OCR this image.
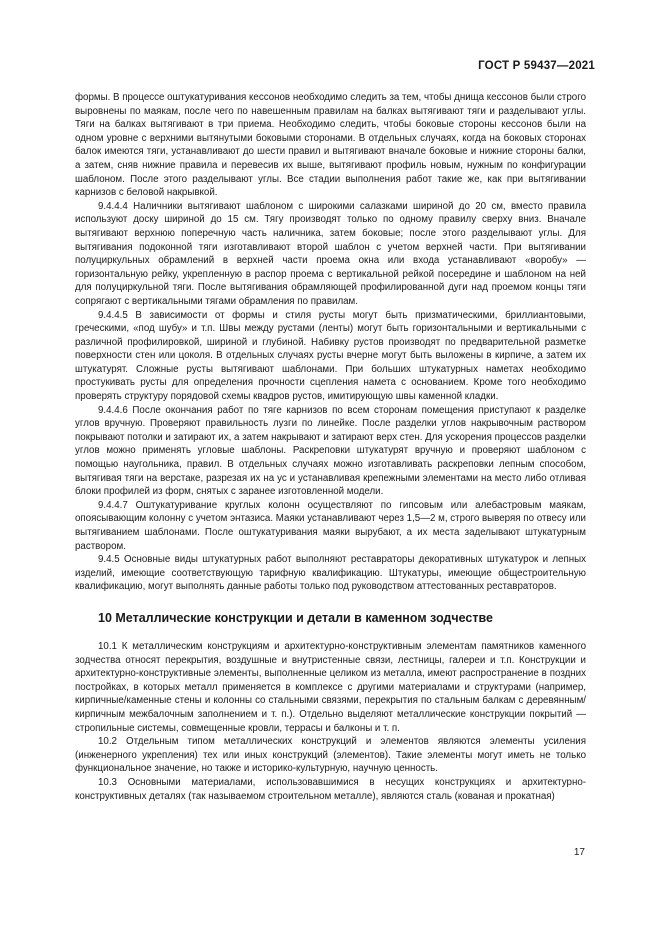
ГОСТ Р 59437—2021

формы. В процессе оштукатуривания кессонов необходимо следить за тем, чтобы днища кессонов были строго выровнены по маякам, после чего по навешенным правилам на балках вытягивают тяги и разделывают углы. Тяги на балках вытягивают в три приема. Необходимо следить, чтобы боковые стороны кессонов были на одном уровне с верхними вытянутыми боковыми сторонами. В отдельных случаях, когда на боковых сторонах балок имеются тяги, устанавливают до шести правил и вытягивают вначале боковые и нижние стороны балки, а затем, сняв нижние правила и перевесив их выше, вытягивают профиль новым, нужным по конфигурации шаблоном. После этого разделывают углы. Все стадии выполнения работ такие же, как при вытягивании карнизов с беловой накрывкой.

9.4.4.4 Наличники вытягивают шаблоном с широкими салазками шириной до 20 см, вместо правила используют доску шириной до 15 см. Тягу производят только по одному правилу сверху вниз. Вначале вытягивают верхнюю поперечную часть наличника, затем боковые; после этого разделывают углы. Для вытягивания подоконной тяги изготавливают второй шаблон с учетом верхней части. При вытягивании полуциркульных обрамлений в верхней части проема окна или входа устанавливают «воробу» — горизонтальную рейку, укрепленную в распор проема с вертикальной рейкой посередине и шаблоном на ней для полуциркульной тяги. После вытягивания обрамляющей профилированной дуги над проемом концы тяги сопрягают с вертикальными тягами обрамления по правилам.

9.4.4.5 В зависимости от формы и стиля русты могут быть призматическими, бриллиантовыми, греческими, «под шубу» и т.п. Швы между рустами (ленты) могут быть горизонтальными и вертикальными с различной профилировкой, шириной и глубиной. Набивку рустов производят по предварительной разметке поверхности стен или цоколя. В отдельных случаях русты вчерне могут быть выложены в кирпиче, а затем их штукатурят. Сложные русты вытягивают шаблонами. При больших штукатурных наметах необходимо простукивать русты для определения прочности сцепления намета с основанием. Кроме того необходимо проверять структуру порядовой схемы квадров рустов, имитирующую швы каменной кладки.

9.4.4.6 После окончания работ по тяге карнизов по всем сторонам помещения приступают к разделке углов вручную. Проверяют правильность лузги по линейке. После разделки углов накрывочным раствором покрывают потолки и затирают их, а затем накрывают и затирают верх стен. Для ускорения процессов разделки углов можно применять угловые шаблоны. Раскреповки штукатурят вручную и проверяют шаблоном с помощью наугольника, правил. В отдельных случаях можно изготавливать раскреповки лепным способом, вытягивая тяги на верстаке, разрезая их на ус и устанавливая крепежными элементами на место либо отливая блоки профилей из форм, снятых с заранее изготовленной модели.

9.4.4.7 Оштукатуривание круглых колонн осуществляют по гипсовым или алебастровым маякам, опоясывающим колонну с учетом энтазиса. Маяки устанавливают через 1,5—2 м, строго выверяя по отвесу или вытягиванием шаблонами. После оштукатуривания маяки вырубают, а их места заделывают штукатурным раствором.

9.4.5 Основные виды штукатурных работ выполняют реставраторы декоративных штукатурок и лепных изделий, имеющие соответствующую тарифную квалификацию. Штукатуры, имеющие общестроительную квалификацию, могут выполнять данные работы только под руководством аттестованных реставраторов.

10 Металлические конструкции и детали в каменном зодчестве

10.1 К металлическим конструкциям и архитектурно-конструктивным элементам памятников каменного зодчества относят перекрытия, воздушные и внутристенные связи, лестницы, галереи и т.п. Конструкции и архитектурно-конструктивные элементы, выполненные целиком из металла, имеют распространение в поздних постройках, в которых металл применяется в комплексе с другими материалами и структурами (например, кирпичные/каменные стены и колонны со стальными связями, перекрытия по стальным балкам с деревянным/кирпичным межбалочным заполнением и т. п.). Отдельно выделяют металлические конструкции покрытий — стропильные системы, совмещенные кровли, террасы и балконы и т. п.

10.2 Отдельным типом металлических конструкций и элементов являются элементы усиления (инженерного укрепления) тех или иных конструкций (элементов). Такие элементы могут иметь не только функциональное значение, но также и историко-культурную, научную ценность.

10.3 Основными материалами, использовавшимися в несущих конструкциях и архитектурно-конструктивных деталях (так называемом строительном металле), являются сталь (кованая и прокатная)

17
